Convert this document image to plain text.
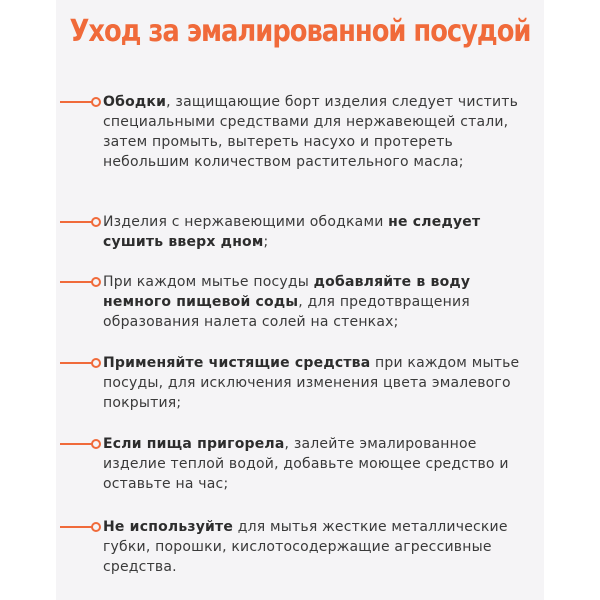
Уход за эмалированной посудой
Ободки, защищающие борт изделия следует чистить специальными средствами для нержавеющей стали, затем промыть, вытереть насухо и протереть небольшим количеством растительного масла;
Изделия с нержавеющими ободками не следует сушить вверх дном;
При каждом мытье посуды добавляйте в воду немного пищевой соды, для предотвращения образования налета солей на стенках;
Применяйте чистящие средства при каждом мытье посуды, для исключения изменения цвета эмалевого покрытия;
Если пища пригорела, залейте эмалированное изделие теплой водой, добавьте моющее средство и оставьте на час;
Не используйте для мытья жесткие металлические губки, порошки, кислотосодержащие агрессивные средства.
